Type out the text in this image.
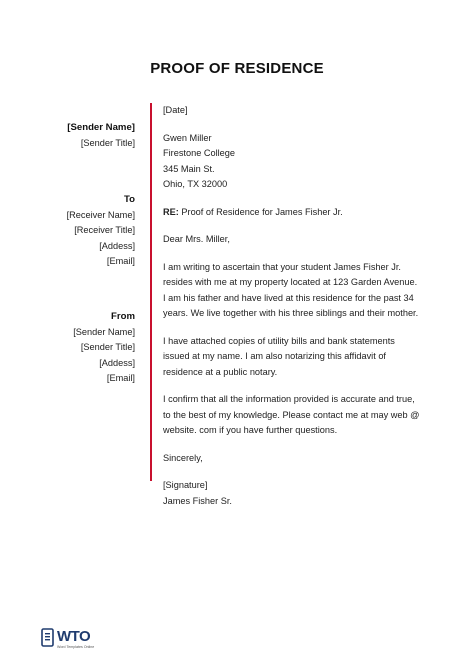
PROOF OF RESIDENCE
[Sender Name]
[Sender Title]
To
[Receiver Name]
[Receiver Title]
[Addess]
[Email]
From
[Sender Name]
[Sender Title]
[Addess]
[Email]

[Date]

Gwen Miller

Firestone College

345 Main St.

Ohio, TX 32000

RE: Proof of Residence for James Fisher Jr.

Dear Mrs. Miller,

I am writing to ascertain that your student James Fisher Jr.

resides with me at my property located at 123 Garden Avenue.

I am his father and have lived at this residence for the past 34

years. We live together with his three siblings and their mother.

I have attached copies of utility bills and bank statements

issued at my name. I am also notarizing this affidavit of

residence at a public notary.

I confirm that all the information provided is accurate and true,

to the best of my knowledge. Please contact me at may web @

website. com if you have further questions.

Sincerely,

[Signature]

James Fisher Sr.

WTO
Word Templates Online
